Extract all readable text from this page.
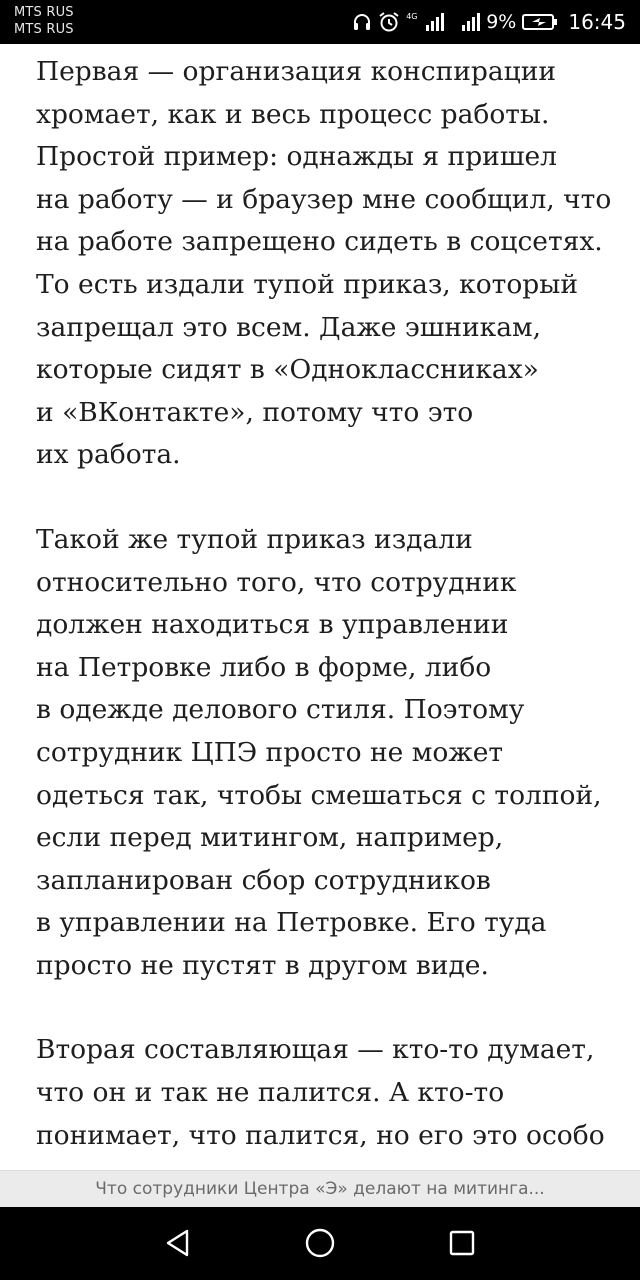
MTS RUS
MTS RUS
4G	9%	16:45

Первая — организация конспирации
хромает, как и весь процесс работы.
Простой пример: однажды я пришел
на работу — и браузер мне сообщил, что
на работе запрещено сидеть в соцсетях.
То есть издали тупой приказ, который
запрещал это всем. Даже эшникам,
которые сидят в «Одноклассниках»
и «ВКонтакте», потому что это
их работа.

Такой же тупой приказ издали
относительно того, что сотрудник
должен находиться в управлении
на Петровке либо в форме, либо
в одежде делового стиля. Поэтому
сотрудник ЦПЭ просто не может
одеться так, чтобы смешаться с толпой,
если перед митингом, например,
запланирован сбор сотрудников
в управлении на Петровке. Его туда
просто не пустят в другом виде.

Вторая составляющая — кто-то думает,
что он и так не палится. А кто-то
понимает, что палится, но его это особо

Что сотрудники Центра «Э» делают на митинга...
